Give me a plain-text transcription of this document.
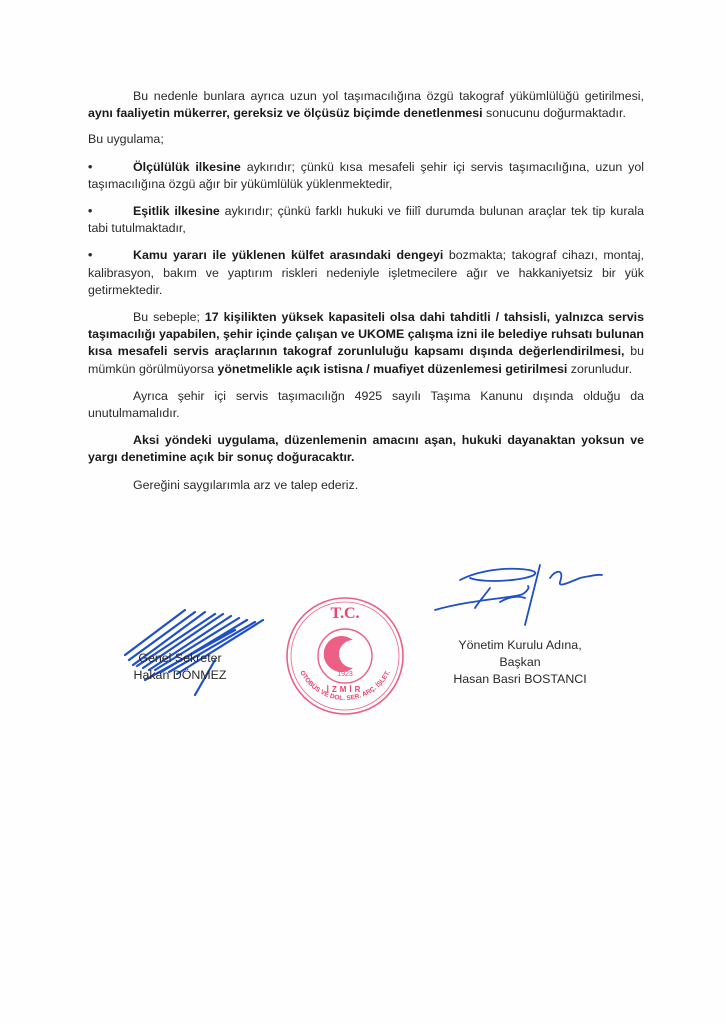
Bu nedenle bunlara ayrıca uzun yol taşımacılığına özgü takograf yükümlülüğü getirilmesi, aynı faaliyetin mükerrer, gereksiz ve ölçüsüz biçimde denetlenmesi sonucunu doğurmaktadır.

Bu uygulama;

•	Ölçülülük ilkesine aykırıdır; çünkü kısa mesafeli şehir içi servis taşımacılığına, uzun yol taşımacılığına özgü ağır bir yükümlülük yüklenmektedir,
•	Eşitlik ilkesine aykırıdır; çünkü farklı hukuki ve fiilî durumda bulunan araçlar tek tip kurala tabi tutulmaktadır,
•	Kamu yararı ile yüklenen külfet arasındaki dengeyi bozmakta; takograf cihazı, montaj, kalibrasyon, bakım ve yaptırım riskleri nedeniyle işletmecilere ağır ve hakkaniyetsiz bir yük getirmektedir.

Bu sebeple; 17 kişilikten yüksek kapasiteli olsa dahi tahditli / tahsisli, yalnızca servis taşımacılığı yapabilen, şehir içinde çalışan ve UKOME çalışma izni ile belediye ruhsatı bulunan kısa mesafeli servis araçlarının takograf zorunluluğu kapsamı dışında değerlendirilmesi, bu mümkün görülmüyorsa yönetmelikle açık istisna / muafiyet düzenlemesi getirilmesi zorunludur.

Ayrıca şehir içi servis taşımacılığn 4925 sayılı Taşıma Kanunu dışında olduğu da unutulmamalıdır.

Aksi yöndeki uygulama, düzenlemenin amacını aşan, hukuki dayanaktan yoksun ve yargı denetimine açık bir sonuç doğuracaktır.

Gereğini saygılarımla arz ve talep ederiz.

Genel Sekreter
Hakan DÖNMEZ
T.C.
1923
İZMİR
OTOBÜS VE DOL. SER. ARÇ. İŞLET.
Yönetim Kurulu Adına,
Başkan
Hasan Basri BOSTANCI
